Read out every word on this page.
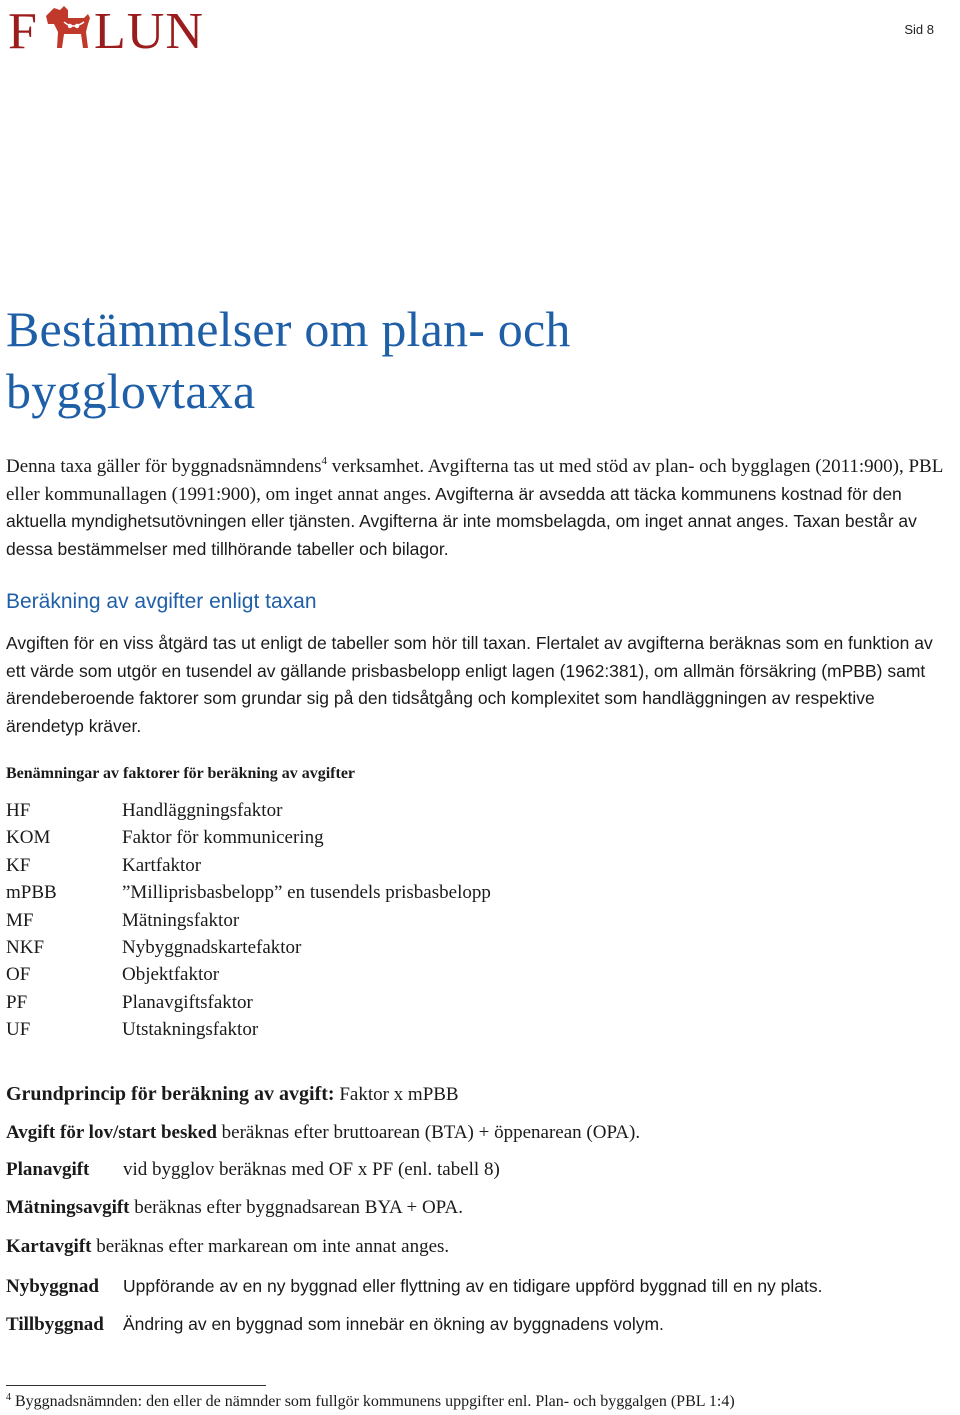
F LUN	Sid 8
Bestämmelser om plan- och
bygglovtaxa

Denna taxa gäller för byggnadsnämndens$^4$ verksamhet. Avgifterna tas ut med stöd av plan- och bygglagen (2011:900), PBL eller kommunallagen (1991:900), om inget annat anges. Avgifterna är avsedda att täcka kommunens kostnad för den aktuella myndighetsutövningen eller tjänsten. Avgifterna är inte momsbelagda, om inget annat anges. Taxan består av dessa bestämmelser med tillhörande tabeller och bilagor.

Beräkning av avgifter enligt taxan

Avgiften för en viss åtgärd tas ut enligt de tabeller som hör till taxan. Flertalet av avgifterna beräknas som en funktion av ett värde som utgör en tusendel av gällande prisbasbelopp enligt lagen (1962:381), om allmän försäkring (mPBB) samt ärendeberoende faktorer som grundar sig på den tidsåtgång och komplexitet som handläggningen av respektive ärendetyp kräver.

Benämningar av faktorer för beräkning av avgifter
HF	Handläggningsfaktor
KOM	Faktor för kommunicering
KF	Kartfaktor
mPBB	”Milliprisbasbelopp” en tusendels prisbasbelopp
MF	Mätningsfaktor
NKF	Nybyggnadskartefaktor
OF	Objektfaktor
PF	Planavgiftsfaktor
UF	Utstakningsfaktor

Grundprincip för beräkning av avgift: Faktor x mPBB

Avgift för lov/start besked beräknas efter bruttoarean (BTA) + öppenarean (OPA).

Planavgift	vid bygglov beräknas med OF x PF (enl. tabell 8)

Mätningsavgift beräknas efter byggnadsarean BYA + OPA.

Kartavgift beräknas efter markarean om inte annat anges.

Nybyggnad	Uppförande av en ny byggnad eller flyttning av en tidigare uppförd byggnad till en ny plats.

Tillbyggnad	Ändring av en byggnad som innebär en ökning av byggnadens volym.

$^4$ Byggnadsnämnden: den eller de nämnder som fullgör kommunens uppgifter enl. Plan- och byggalgen (PBL 1:4)
